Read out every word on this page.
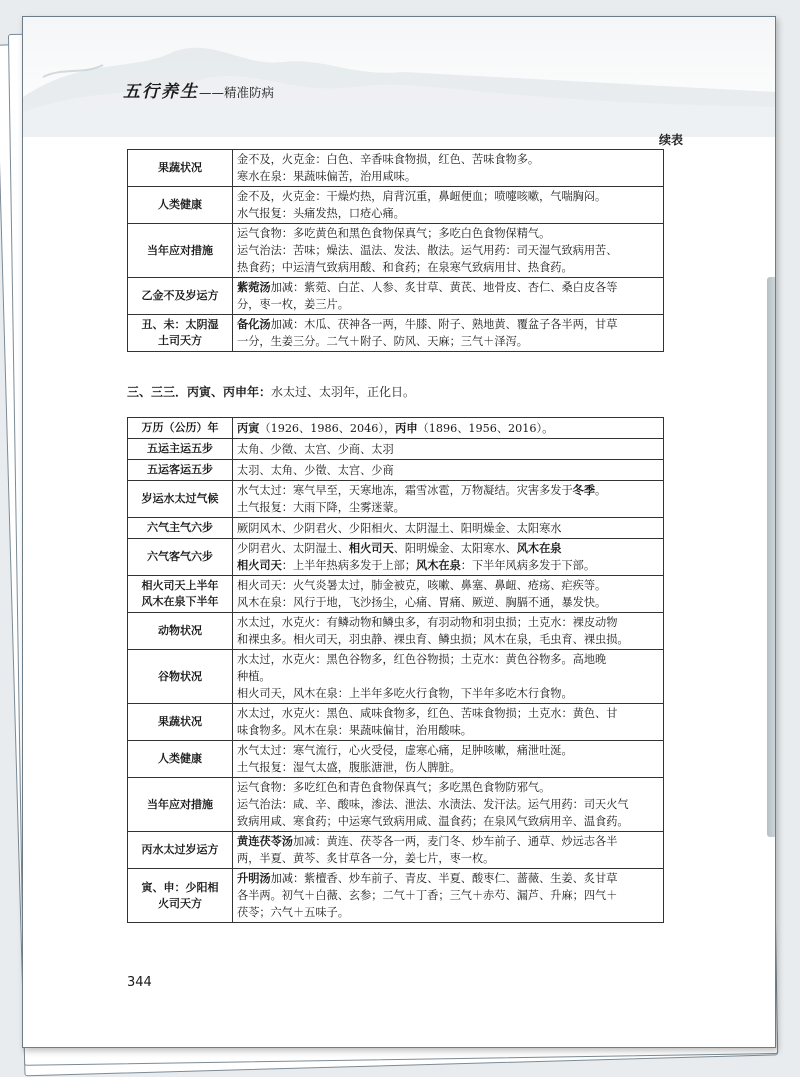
五行养生——精准防病
续表
果蔬状况	金不及，火克金：白色、辛香味食物损，红色、苦味食物多。
寒水在泉：果蔬味偏苦，治用咸味。

人类健康	金不及，火克金：干燥灼热，肩背沉重，鼻衄便血；喷嚏咳嗽，气喘胸闷。
水气报复：头痛发热，口疮心痛。

当年应对措施	运气食物：多吃黄色和黑色食物保真气；多吃白色食物保精气。
运气治法：苦味；燥法、温法、发法、散法。运气用药：司天湿气致病用苦、
热食药；中运清气致病用酸、和食药；在泉寒气致病用甘、热食药。

乙金不及岁运方	紫菀汤加减：紫菀、白芷、人参、炙甘草、黄芪、地骨皮、杏仁、桑白皮各等
分，枣一枚，姜三片。

丑、未：太阴湿
土司天方	备化汤加减：木瓜、茯神各一两，牛膝、附子、熟地黄、覆盆子各半两，甘草
一分，生姜三分。二气＋附子、防风、天麻；三气＋泽泻。
三、三三．丙寅、丙申年：水太过、太羽年，正化日。
万历（公历）年	丙寅（1926、1986、2046），丙申（1896、1956、2016）。

五运主运五步	太角、少徵、太宫、少商、太羽

五运客运五步	太羽、太角、少徵、太宫、少商

岁运水太过气候	水气太过：寒气早至，天寒地冻，霜雪冰雹，万物凝结。灾害多发于冬季。
土气报复：大雨下降，尘雾迷蒙。

六气主气六步	厥阴风木、少阴君火、少阳相火、太阴湿土、阳明燥金、太阳寒水

六气客气六步	少阴君火、太阴湿土、相火司天、阳明燥金、太阳寒水、风木在泉
相火司天：上半年热病多发于上部；风木在泉：下半年风病多发于下部。

相火司天上半年
风木在泉下半年	相火司天：火气炎暑太过，肺金被克，咳嗽、鼻塞、鼻衄、疮疡、疟疾等。
风木在泉：风行于地，飞沙扬尘，心痛、胃痛、厥逆、胸膈不通，暴发快。

动物状况	水太过，水克火：有鳞动物和鳞虫多，有羽动物和羽虫损；土克水：裸皮动物
和裸虫多。相火司天，羽虫静、裸虫育、鳞虫损；风木在泉，毛虫育、裸虫损。

谷物状况	水太过，水克火：黑色谷物多，红色谷物损；土克水：黄色谷物多。高地晚
种植。
相火司天，风木在泉：上半年多吃火行食物，下半年多吃木行食物。

果蔬状况	水太过，水克火：黑色、咸味食物多，红色、苦味食物损；土克水：黄色、甘
味食物多。风木在泉：果蔬味偏甘，治用酸味。

人类健康	水气太过：寒气流行，心火受侵，虚寒心痛，足肿咳嗽，痛泄吐涎。
土气报复：湿气太盛，腹胀溏泄，伤人脾脏。

当年应对措施	运气食物：多吃红色和青色食物保真气；多吃黑色食物防邪气。
运气治法：咸、辛、酸味，渗法、泄法、水渍法、发汗法。运气用药：司天火气
致病用咸、寒食药；中运寒气致病用咸、温食药；在泉风气致病用辛、温食药。

丙水太过岁运方	黄连茯苓汤加减：黄连、茯苓各一两，麦门冬、炒车前子、通草、炒远志各半
两，半夏、黄芩、炙甘草各一分，姜七片，枣一枚。

寅、申：少阳相
火司天方	升明汤加减：紫檀香、炒车前子、青皮、半夏、酸枣仁、蔷薇、生姜、炙甘草
各半两。初气＋白薇、玄参；二气＋丁香；三气＋赤芍、漏芦、升麻；四气＋
茯苓；六气＋五味子。
344
